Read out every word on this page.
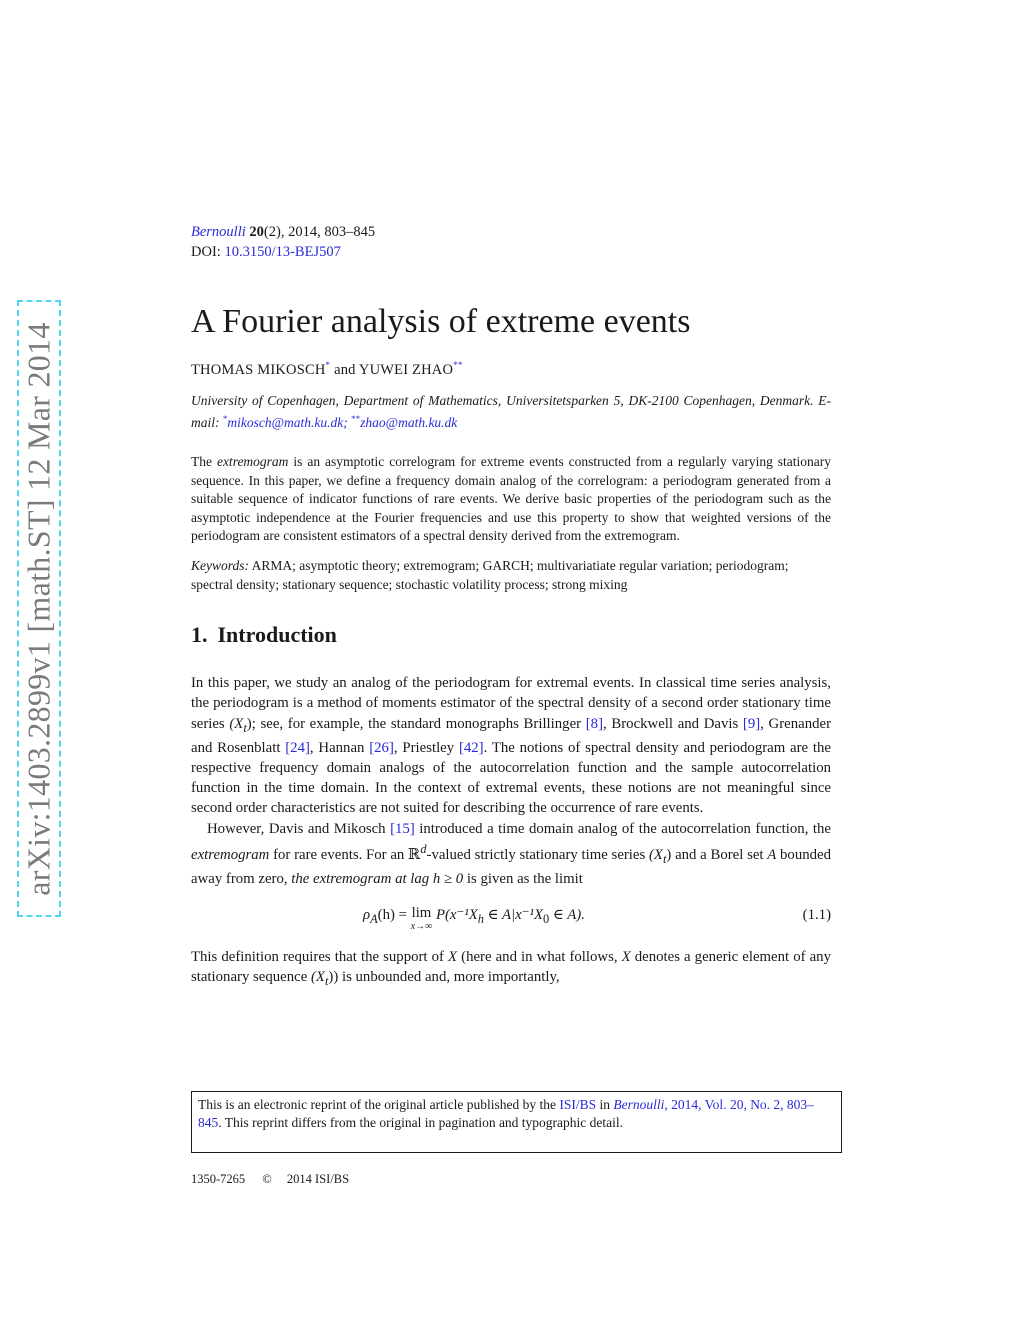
arXiv:1403.2899v1 [math.ST] 12 Mar 2014
Bernoulli 20(2), 2014, 803–845
DOI: 10.3150/13-BEJ507
A Fourier analysis of extreme events
THOMAS MIKOSCH* and YUWEI ZHAO**
University of Copenhagen, Department of Mathematics, Universitetsparken 5, DK-2100 Copenhagen, Denmark. E-mail: *mikosch@math.ku.dk; **zhao@math.ku.dk
The extremogram is an asymptotic correlogram for extreme events constructed from a regularly varying stationary sequence. In this paper, we define a frequency domain analog of the correlogram: a periodogram generated from a suitable sequence of indicator functions of rare events. We derive basic properties of the periodogram such as the asymptotic independence at the Fourier frequencies and use this property to show that weighted versions of the periodogram are consistent estimators of a spectral density derived from the extremogram.
Keywords: ARMA; asymptotic theory; extremogram; GARCH; multivariatiate regular variation; periodogram; spectral density; stationary sequence; stochastic volatility process; strong mixing
1. Introduction

In this paper, we study an analog of the periodogram for extremal events. In classical time series analysis, the periodogram is a method of moments estimator of the spectral density of a second order stationary time series $(X_t)$; see, for example, the standard monographs Brillinger [8], Brockwell and Davis [9], Grenander and Rosenblatt [24], Hannan [26], Priestley [42]. The notions of spectral density and periodogram are the respective frequency domain analogs of the autocorrelation function and the sample autocorrelation function in the time domain. In the context of extremal events, these notions are not meaningful since second order characteristics are not suited for describing the occurrence of rare events.

However, Davis and Mikosch [15] introduced a time domain analog of the autocorrelation function, the extremogram for rare events. For an ℝ$^d$-valued strictly stationary time series $(X_t)$ and a Borel set A bounded away from zero, the extremogram at lag h ≥ 0 is given as the limit

$\rho_A(h) = \lim$
x→∞
$P(x^{-1}X_h$ ∈ $A|x^{-1}X_0$ ∈ A).	(1.1)

This definition requires that the support of X (here and in what follows, X denotes a generic element of any stationary sequence $(X_t)$) is unbounded and, more importantly,

This is an electronic reprint of the original article published by the ISI/BS in Bernoulli, 2014, Vol. 20, No. 2, 803–845. This reprint differs from the original in pagination and typographic detail.
1350-7265 © 2014 ISI/BS
